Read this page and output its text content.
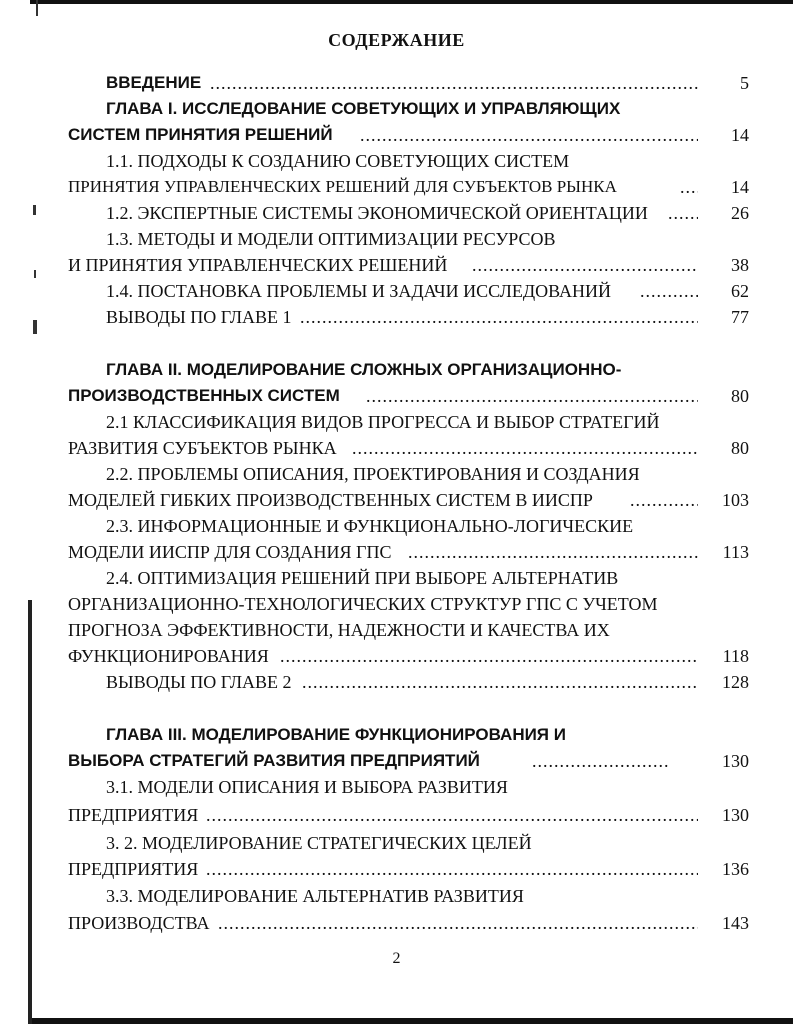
СОДЕРЖАНИЕ
ВВЕДЕНИЕ .....	5
ГЛАВА I. ИССЛЕДОВАНИЕ СОВЕТУЮЩИХ И УПРАВЛЯЮЩИХ
СИСТЕМ ПРИНЯТИЯ РЕШЕНИЙ .....	14
1.1. ПОДХОДЫ К СОЗДАНИЮ СОВЕТУЮЩИХ СИСТЕМ
ПРИНЯТИЯ УПРАВЛЕНЧЕСКИХ РЕШЕНИЙ ДЛЯ СУБЪЕКТОВ РЫНКА .....	14
1.2. ЭКСПЕРТНЫЕ СИСТЕМЫ ЭКОНОМИЧЕСКОЙ ОРИЕНТАЦИИ .....	26
1.3. МЕТОДЫ И МОДЕЛИ ОПТИМИЗАЦИИ РЕСУРСОВ
И ПРИНЯТИЯ УПРАВЛЕНЧЕСКИХ РЕШЕНИЙ .....	38
1.4. ПОСТАНОВКА ПРОБЛЕМЫ И ЗАДАЧИ ИССЛЕДОВАНИЙ .....	62
ВЫВОДЫ ПО ГЛАВЕ 1 .....	77
ГЛАВА II. МОДЕЛИРОВАНИЕ СЛОЖНЫХ ОРГАНИЗАЦИОННО-
ПРОИЗВОДСТВЕННЫХ СИСТЕМ .....	80
2.1 КЛАССИФИКАЦИЯ ВИДОВ ПРОГРЕССА И ВЫБОР СТРАТЕГИЙ
РАЗВИТИЯ СУБЪЕКТОВ РЫНКА .....	80
2.2. ПРОБЛЕМЫ ОПИСАНИЯ, ПРОЕКТИРОВАНИЯ И СОЗДАНИЯ
МОДЕЛЕЙ ГИБКИХ ПРОИЗВОДСТВЕННЫХ СИСТЕМ В ИИСПР .....	103
2.3. ИНФОРМАЦИОННЫЕ И ФУНКЦИОНАЛЬНО-ЛОГИЧЕСКИЕ
МОДЕЛИ ИИСПР ДЛЯ СОЗДАНИЯ ГПС .....	113
2.4. ОПТИМИЗАЦИЯ РЕШЕНИЙ ПРИ ВЫБОРЕ АЛЬТЕРНАТИВ
ОРГАНИЗАЦИОННО-ТЕХНОЛОГИЧЕСКИХ СТРУКТУР ГПС С УЧЕТОМ
ПРОГНОЗА ЭФФЕКТИВНОСТИ, НАДЕЖНОСТИ И КАЧЕСТВА ИХ
ФУНКЦИОНИРОВАНИЯ .....	118
ВЫВОДЫ ПО ГЛАВЕ 2 .....	128
ГЛАВА III. МОДЕЛИРОВАНИЕ ФУНКЦИОНИРОВАНИЯ И
ВЫБОРА СТРАТЕГИЙ РАЗВИТИЯ ПРЕДПРИЯТИЙ .....	130
3.1. МОДЕЛИ ОПИСАНИЯ И ВЫБОРА РАЗВИТИЯ
ПРЕДПРИЯТИЯ .....	130
3. 2. МОДЕЛИРОВАНИЕ СТРАТЕГИЧЕСКИХ ЦЕЛЕЙ
ПРЕДПРИЯТИЯ .....	136
3.3. МОДЕЛИРОВАНИЕ АЛЬТЕРНАТИВ РАЗВИТИЯ
ПРОИЗВОДСТВА .....	143
2
